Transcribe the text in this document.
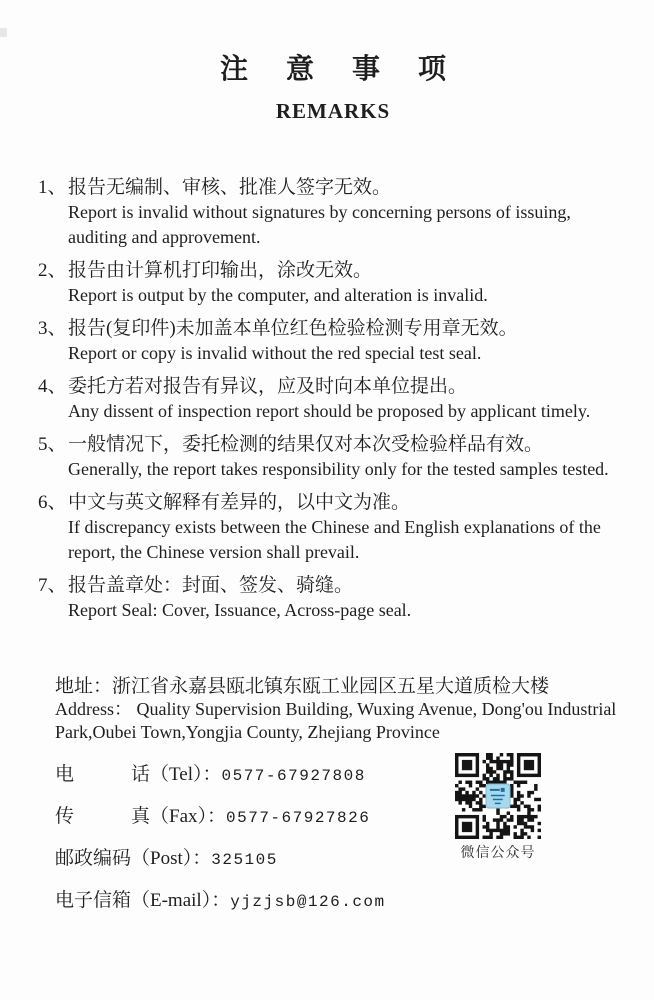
注意事项
REMARKS
1、 报告无编制、审核、批准人签字无效。
Report is invalid without signatures by concerning persons of issuing,
auditing and approvement.
2、 报告由计算机打印输出，涂改无效。
Report is output by the computer, and alteration is invalid.
3、 报告(复印件)未加盖本单位红色检验检测专用章无效。
Report or copy is invalid without the red special test seal.
4、 委托方若对报告有异议，应及时向本单位提出。
Any dissent of inspection report should be proposed by applicant timely.
5、 一般情况下，委托检测的结果仅对本次受检验样品有效。
Generally, the report takes responsibility only for the tested samples tested.
6、 中文与英文解释有差异的，以中文为准。
If discrepancy exists between the Chinese and English explanations of the
report, the Chinese version shall prevail.
7、 报告盖章处：封面、签发、骑缝。
Report Seal: Cover, Issuance, Across-page seal.
地址：浙江省永嘉县瓯北镇东瓯工业园区五星大道质检大楼
Address： Quality Supervision Building, Wuxing Avenue, Dong'ou Industrial
Park,Oubei Town,Yongjia County, Zhejiang Province
电　　　话（Tel）：0577-67927808
传　　　真（Fax）：0577-67927826
邮政编码（Post）：325105
电子信箱（E-mail）：yjzjsb@126.com
微信公众号
